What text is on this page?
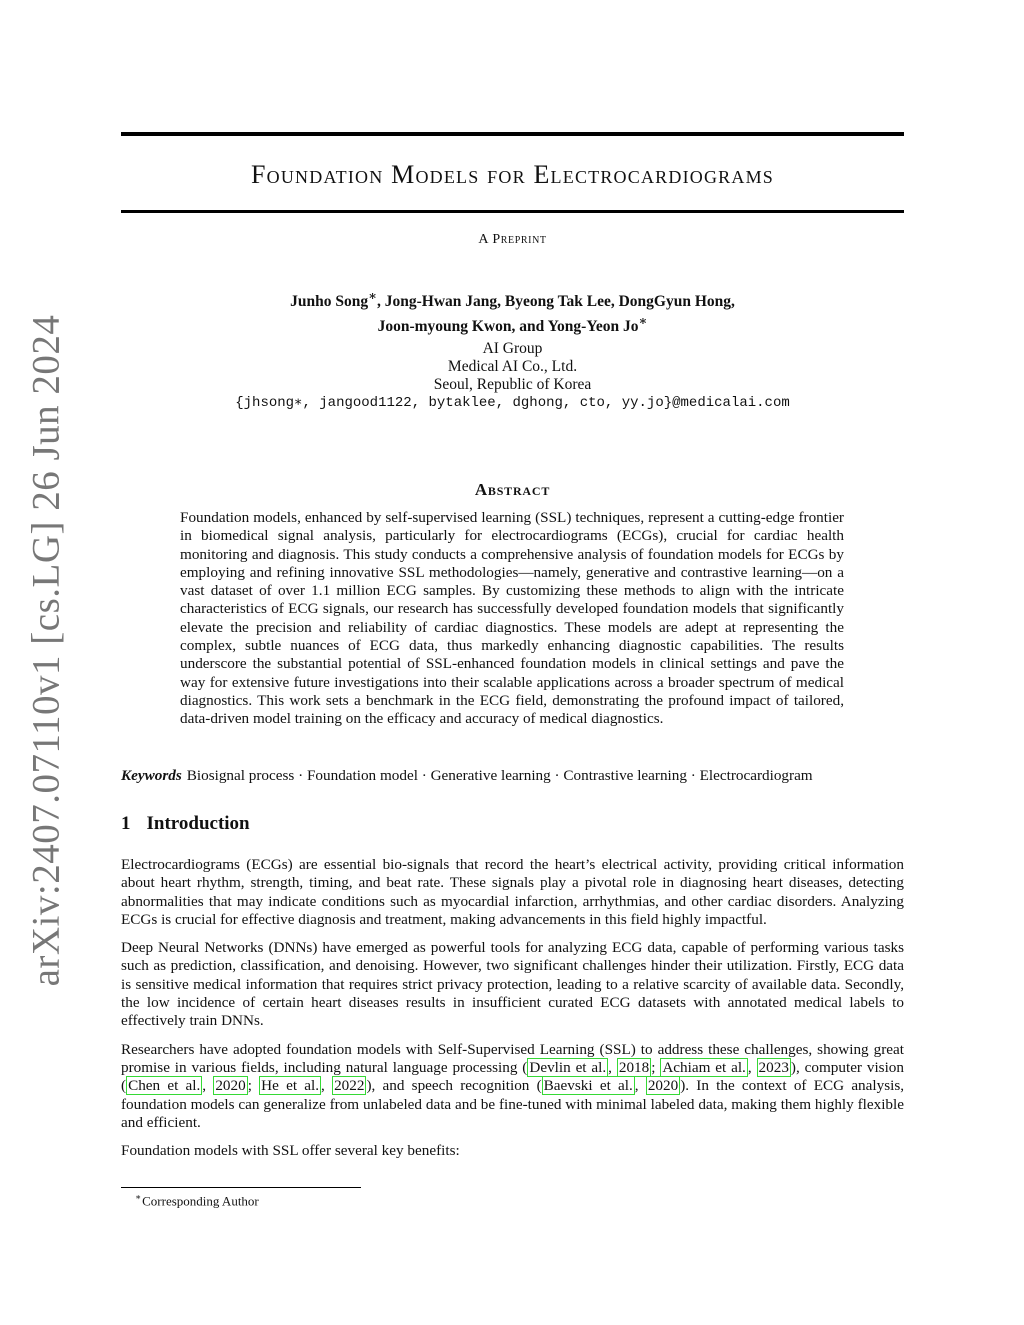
arXiv:2407.07110v1 [cs.LG] 26 Jun 2024
Foundation Models for Electrocardiograms
A Preprint
Junho Song∗, Jong-Hwan Jang, Byeong Tak Lee, DongGyun Hong,
Joon-myoung Kwon, and Yong-Yeon Jo∗
AI Group
Medical AI Co., Ltd.
Seoul, Republic of Korea
{jhsong∗, jangood1122, bytaklee, dghong, cto, yy.jo}@medicalai.com
Abstract

Foundation models, enhanced by self-supervised learning (SSL) techniques, represent a cutting-edge frontier in biomedical signal analysis, particularly for electrocardiograms (ECGs), crucial for cardiac health monitoring and diagnosis. This study conducts a comprehensive analysis of foundation models for ECGs by employing and refining innovative SSL methodologies—namely, generative and contrastive learning—on a vast dataset of over 1.1 million ECG samples. By customizing these methods to align with the intricate characteristics of ECG signals, our research has successfully developed foundation models that significantly elevate the precision and reliability of cardiac diagnostics. These models are adept at representing the complex, subtle nuances of ECG data, thus markedly enhancing diagnostic capabilities. The results underscore the substantial potential of SSL-enhanced foundation models in clinical settings and pave the way for extensive future investigations into their scalable applications across a broader spectrum of medical diagnostics. This work sets a benchmark in the ECG field, demonstrating the profound impact of tailored, data-driven model training on the efficacy and accuracy of medical diagnostics.

Keywords Biosignal process · Foundation model · Generative learning · Contrastive learning · Electrocardiogram
1 Introduction

Electrocardiograms (ECGs) are essential bio-signals that record the heart’s electrical activity, providing critical information about heart rhythm, strength, timing, and beat rate. These signals play a pivotal role in diagnosing heart diseases, detecting abnormalities that may indicate conditions such as myocardial infarction, arrhythmias, and other cardiac disorders. Analyzing ECGs is crucial for effective diagnosis and treatment, making advancements in this field highly impactful.

Deep Neural Networks (DNNs) have emerged as powerful tools for analyzing ECG data, capable of performing various tasks such as prediction, classification, and denoising. However, two significant challenges hinder their utilization. Firstly, ECG data is sensitive medical information that requires strict privacy protection, leading to a relative scarcity of available data. Secondly, the low incidence of certain heart diseases results in insufficient curated ECG datasets with annotated medical labels to effectively train DNNs.

Researchers have adopted foundation models with Self-Supervised Learning (SSL) to address these challenges, showing great promise in various fields, including natural language processing ( Devlin et al. , 2018 ; Achiam et al. , 2023 ), computer vision ( Chen et al. , 2020 ; He et al. , 2022 ), and speech recognition ( Baevski et al. , 2020 ). In the context of ECG analysis, foundation models can generalize from unlabeled data and be fine-tuned with minimal labeled data, making them highly flexible and efficient.

Foundation models with SSL offer several key benefits:

∗Corresponding Author
